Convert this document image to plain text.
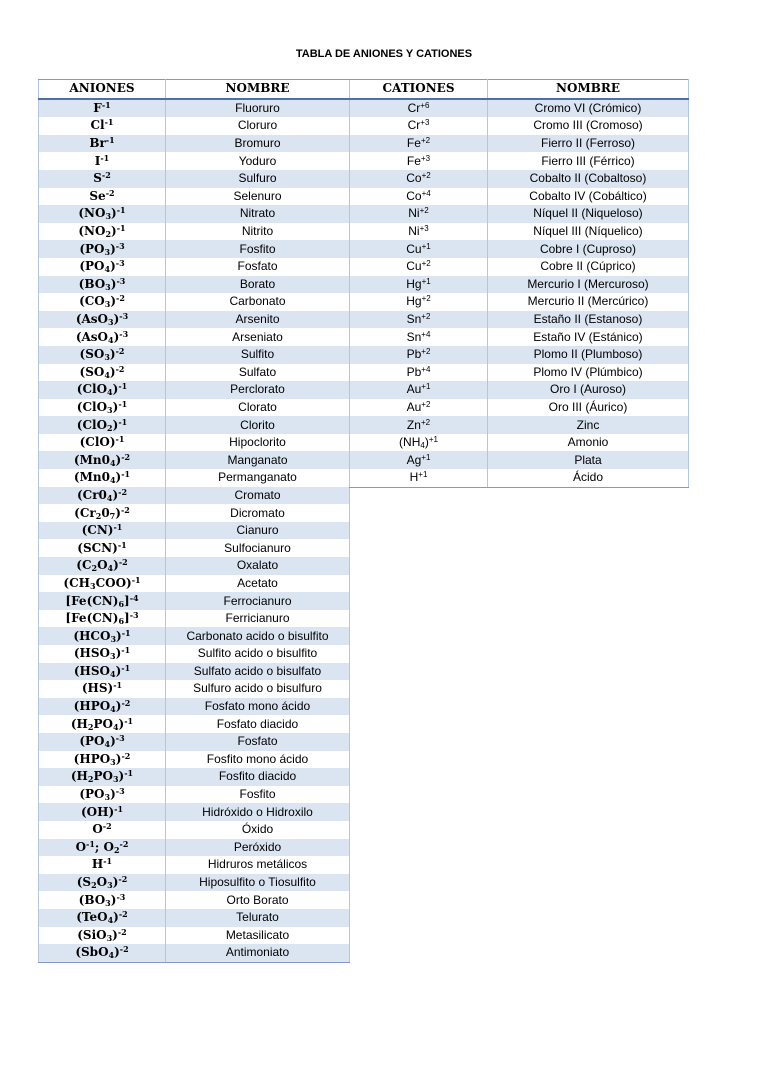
TABLA DE ANIONES Y CATIONES
ANIONES	NOMBRE
$F^{-1}$	Fluoruro
$Cl^{-1}$	Cloruro
$Br^{-1}$	Bromuro
$I^{-1}$	Yoduro
$S^{-2}$	Sulfuro
$Se^{-2}$	Selenuro
$(NO_3)^{-1}$	Nitrato
$(NO_2)^{-1}$	Nitrito
$(PO_3)^{-3}$	Fosfito
$(PO_4)^{-3}$	Fosfato
$(BO_3)^{-3}$	Borato
$(CO_3)^{-2}$	Carbonato
$(AsO_3)^{-3}$	Arsenito
$(AsO_4)^{-3}$	Arseniato
$(SO_3)^{-2}$	Sulfito
$(SO_4)^{-2}$	Sulfato
$(ClO_4)^{-1}$	Perclorato
$(ClO_3)^{-1}$	Clorato
$(ClO_2)^{-1}$	Clorito
(ClO)$^{-1}$	Hipoclorito
$(Mn0_4)^{-2}$	Manganato
$(Mn0_4)^{-1}$	Permanganato
$(Cr0_4)^{-2}$	Cromato
$(Cr_20_7)^{-2}$	Dicromato
(CN)$^{-1}$	Cianuro
(SCN)$^{-1}$	Sulfocianuro
$(C_2O_4)^{-2}$	Oxalato
$(CH_3COO)^{-1}$	Acetato
$[Fe(CN)_6]^{-4}$	Ferrocianuro
$[Fe(CN)_6]^{-3}$	Ferricianuro
$(HCO_3)^{-1}$	Carbonato acido o bisulfito
$(HSO_3)^{-1}$	Sulfito acido o bisulfito
$(HSO_4)^{-1}$	Sulfato acido o bisulfato
(HS)$^{-1}$	Sulfuro acido o bisulfuro
$(HPO_4)^{-2}$	Fosfato mono ácido
$(H_2PO_4)^{-1}$	Fosfato diacido
$(PO_4)^{-3}$	Fosfato
$(HPO_3)^{-2}$	Fosfito mono ácido
$(H_2PO_3)^{-1}$	Fosfito diacido
$(PO_3)^{-3}$	Fosfito
(OH)$^{-1}$	Hidróxido o Hidroxilo
$O^{-2}$	Óxido
$O^{-1}$; $O_2^{-2}$	Peróxido
$H^{-1}$	Hidruros metálicos
$(S_2O_3)^{-2}$	Hiposulfito o Tiosulfito
$(BO_3)^{-3}$	Orto Borato
$(TeO_4)^{-2}$	Telurato
$(SiO_3)^{-2}$	Metasilicato
$(SbO_4)^{-2}$	Antimoniato
CATIONES	NOMBRE
$Cr^{+6}$	Cromo VI (Crómico)
$Cr^{+3}$	Cromo III (Cromoso)
$Fe^{+2}$	Fierro II (Ferroso)
$Fe^{+3}$	Fierro III (Férrico)
$Co^{+2}$	Cobalto II (Cobaltoso)
$Co^{+4}$	Cobalto IV (Cobáltico)
$Ni^{+2}$	Níquel II (Niqueloso)
$Ni^{+3}$	Níquel III (Níquelico)
$Cu^{+1}$	Cobre I (Cuproso)
$Cu^{+2}$	Cobre II (Cúprico)
$Hg^{+1}$	Mercurio I (Mercuroso)
$Hg^{+2}$	Mercurio II (Mercúrico)
$Sn^{+2}$	Estaño II (Estanoso)
$Sn^{+4}$	Estaño IV (Estánico)
$Pb^{+2}$	Plomo II (Plumboso)
$Pb^{+4}$	Plomo IV (Plúmbico)
$Au^{+1}$	Oro I (Auroso)
$Au^{+2}$	Oro III (Áurico)
$Zn^{+2}$	Zinc
$(NH_4)^{+1}$	Amonio
$Ag^{+1}$	Plata
$H^{+1}$	Ácido
